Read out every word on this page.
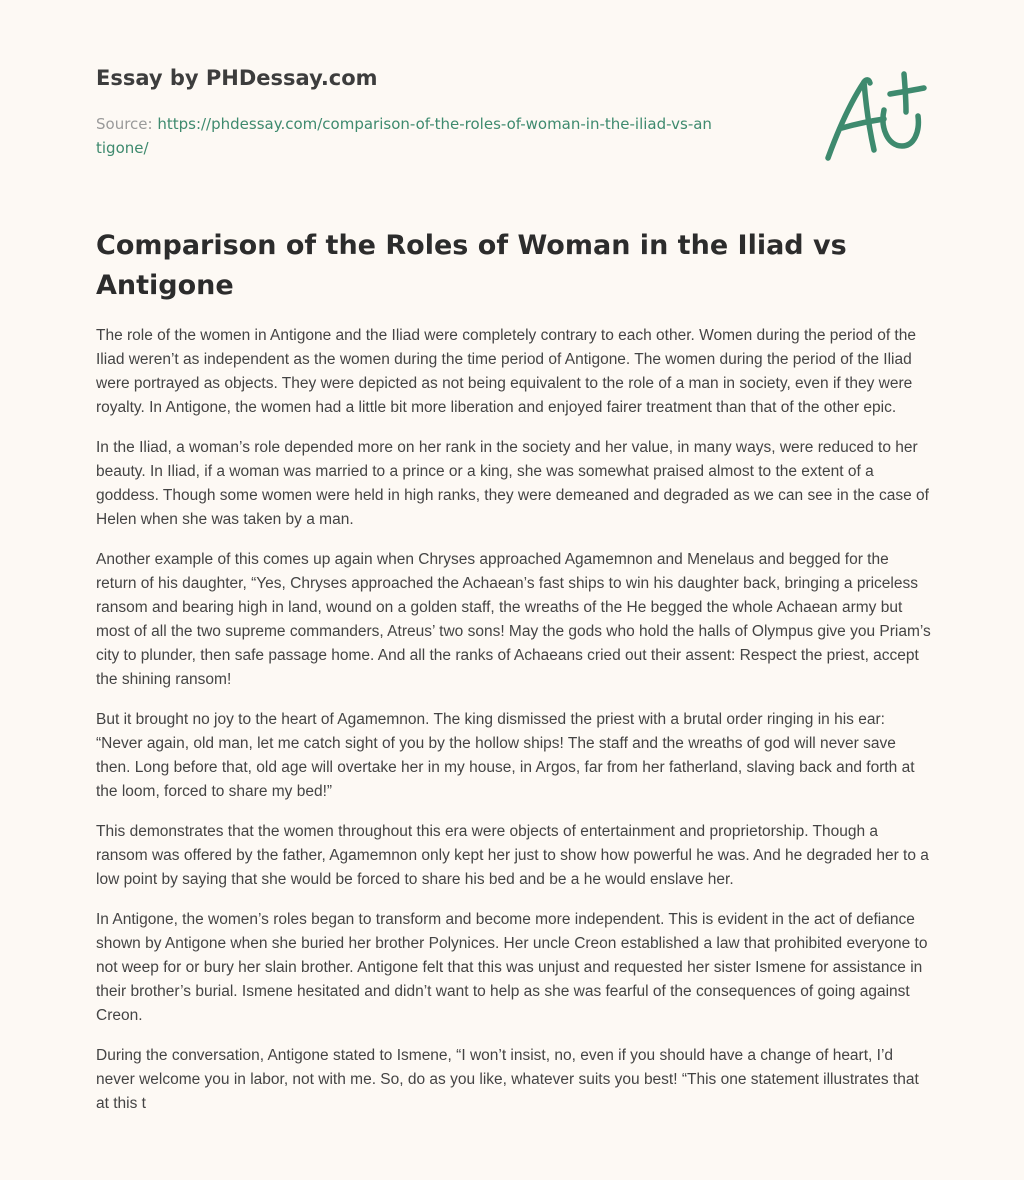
Essay by PHDessay.com
Source: https://phdessay.com/comparison-of-the-roles-of-woman-in-the-iliad-vs-antigone/
Comparison of the Roles of Woman in the Iliad vs Antigone

The role of the women in Antigone and the Iliad were completely contrary to each other. Women during the period of the Iliad weren’t as independent as the women during the time period of Antigone. The women during the period of the Iliad were portrayed as objects. They were depicted as not being equivalent to the role of a man in society, even if they were royalty. In Antigone, the women had a little bit more liberation and enjoyed fairer treatment than that of the other epic.

In the Iliad, a woman’s role depended more on her rank in the society and her value, in many ways, were reduced to her beauty. In Iliad, if a woman was married to a prince or a king, she was somewhat praised almost to the extent of a goddess. Though some women were held in high ranks, they were demeaned and degraded as we can see in the case of Helen when she was taken by a man.

Another example of this comes up again when Chryses approached Agamemnon and Menelaus and begged for the return of his daughter, “Yes, Chryses approached the Achaean’s fast ships to win his daughter back, bringing a priceless ransom and bearing high in land, wound on a golden staff, the wreaths of the He begged the whole Achaean army but most of all the two supreme commanders, Atreus’ two sons! May the gods who hold the halls of Olympus give you Priam’s city to plunder, then safe passage home. And all the ranks of Achaeans cried out their assent: Respect the priest, accept the shining ransom!

But it brought no joy to the heart of Agamemnon. The king dismissed the priest with a brutal order ringing in his ear: “Never again, old man, let me catch sight of you by the hollow ships! The staff and the wreaths of god will never save then. Long before that, old age will overtake her in my house, in Argos, far from her fatherland, slaving back and forth at the loom, forced to share my bed!”

This demonstrates that the women throughout this era were objects of entertainment and proprietorship. Though a ransom was offered by the father, Agamemnon only kept her just to show how powerful he was. And he degraded her to a low point by saying that she would be forced to share his bed and be a he would enslave her.

In Antigone, the women’s roles began to transform and become more independent. This is evident in the act of defiance shown by Antigone when she buried her brother Polynices. Her uncle Creon established a law that prohibited everyone to not weep for or bury her slain brother. Antigone felt that this was unjust and requested her sister Ismene for assistance in their brother’s burial. Ismene hesitated and didn’t want to help as she was fearful of the consequences of going against Creon.

During the conversation, Antigone stated to Ismene, “I won’t insist, no, even if you should have a change of heart, I’d never welcome you in labor, not with me. So, do as you like, whatever suits you best! “This one statement illustrates that at this t
